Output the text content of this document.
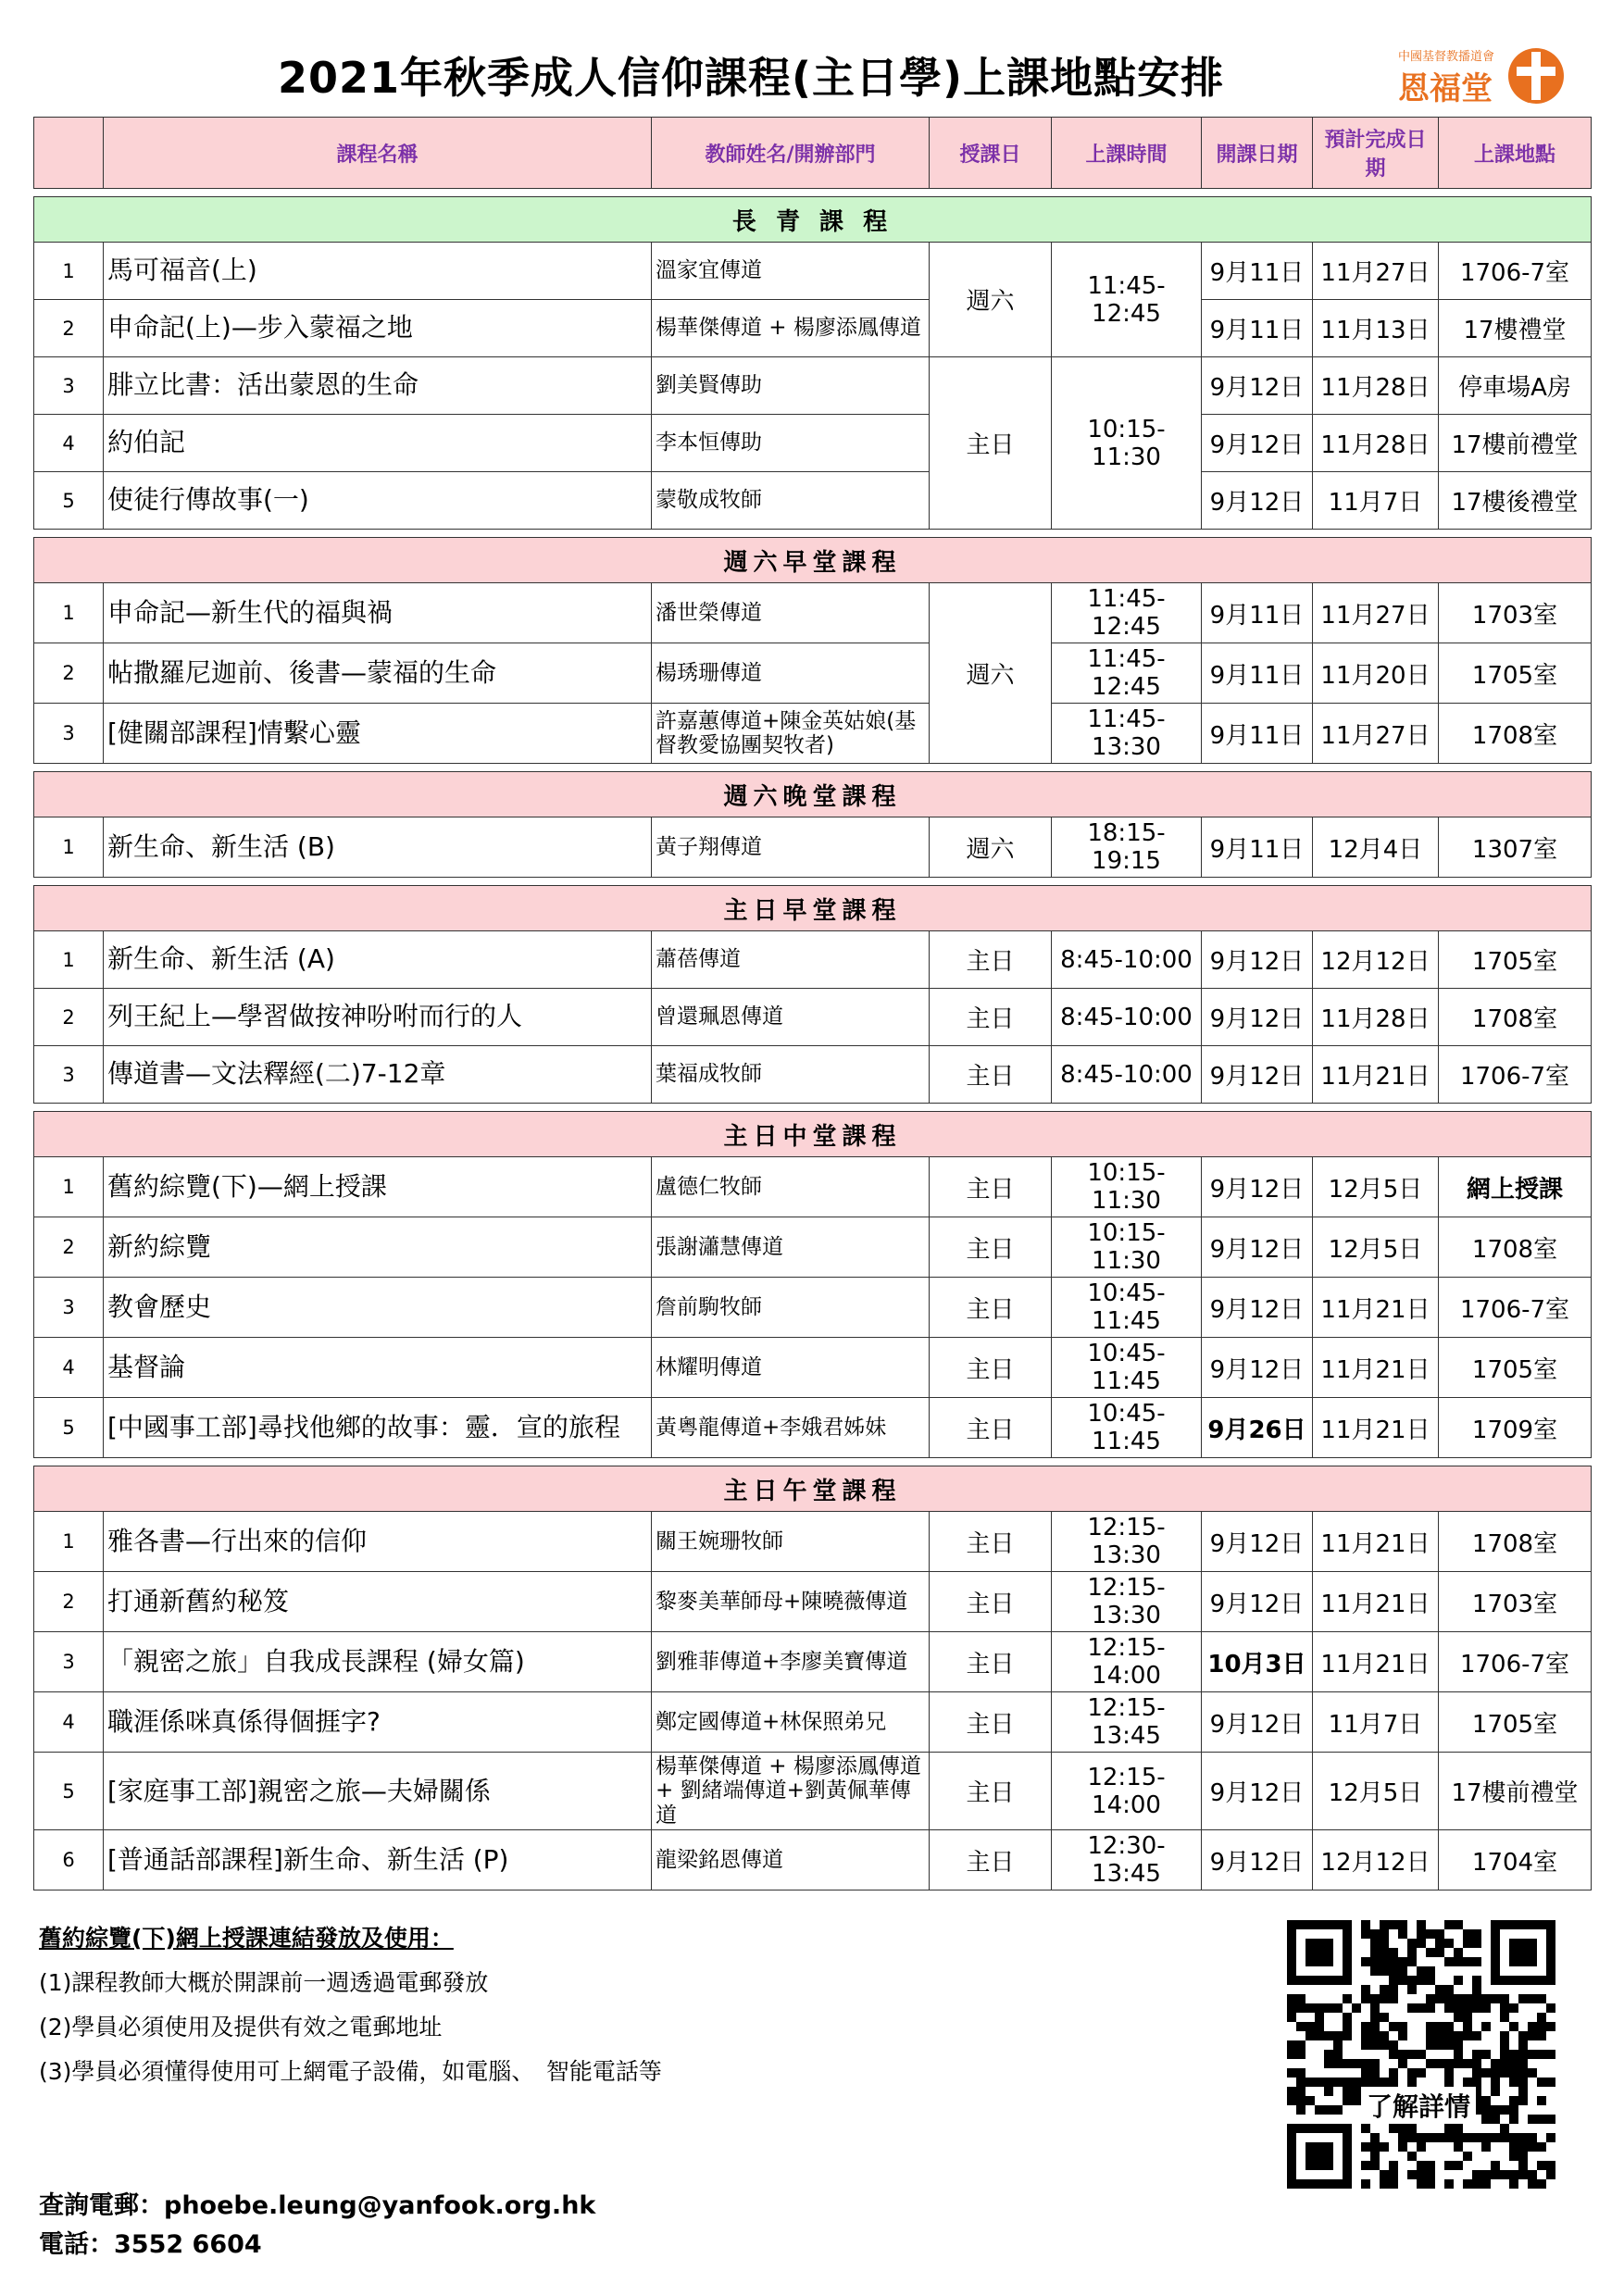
2021年秋季成人信仰課程(主日學)上課地點安排	中國基督教播道會
恩福堂
	課程名稱	教師姓名/開辦部門	授課日	上課時間	開課日期	預計完成日期	上課地點

長 青 課 程							
1	馬可福音(上)	溫家宜傳道	週六	11:45-12:45	9月11日	11月27日	1706-7室
2	申命記(上)—步入蒙福之地	楊華傑傳道 + 楊廖添鳳傳道			9月11日	11月13日	17樓禮堂
3	腓立比書：活出蒙恩的生命	劉美賢傳助	主日	10:15-11:30	9月12日	11月28日	停車場A房
4	約伯記	李本恒傳助			9月12日	11月28日	17樓前禮堂
5	使徒行傳故事(一)	蒙敬成牧師			9月12日	11月7日	17樓後禮堂

週六早堂課程							
1	申命記—新生代的福與禍	潘世榮傳道	週六	11:45-12:45	9月11日	11月27日	1703室
2	帖撒羅尼迦前、後書—蒙福的生命	楊琇珊傳道		11:45-12:45	9月11日	11月20日	1705室
3	[健關部課程]情繫心靈	許嘉蕙傳道+陳金英姑娘(基督教愛協團契牧者)		11:45-13:30	9月11日	11月27日	1708室

週六晚堂課程							
1	新生命、新生活 (B)	黃子翔傳道	週六	18:15-19:15	9月11日	12月4日	1307室

主日早堂課程							
1	新生命、新生活 (A)	蕭蓓傳道	主日	8:45-10:00	9月12日	12月12日	1705室
2	列王紀上—學習做按神吩咐而行的人	曾還珮恩傳道	主日	8:45-10:00	9月12日	11月28日	1708室
3	傳道書—文法釋經(二)7-12章	葉福成牧師	主日	8:45-10:00	9月12日	11月21日	1706-7室

主日中堂課程							
1	舊約綜覽(下)—網上授課	盧德仁牧師	主日	10:15-11:30	9月12日	12月5日	網上授課
2	新約綜覽	張謝瀟慧傳道	主日	10:15-11:30	9月12日	12月5日	1708室
3	教會歷史	詹前駒牧師	主日	10:45-11:45	9月12日	11月21日	1706-7室
4	基督論	林耀明傳道	主日	10:45-11:45	9月12日	11月21日	1705室
5	[中國事工部]尋找他鄉的故事：靈．宣的旅程	黃粵龍傳道+李娥君姊妹	主日	10:45-11:45	9月26日	11月21日	1709室

主日午堂課程							
1	雅各書—行出來的信仰	關王婉珊牧師	主日	12:15-13:30	9月12日	11月21日	1708室
2	打通新舊約秘笈	黎麥美華師母+陳曉薇傳道	主日	12:15-13:30	9月12日	11月21日	1703室
3	「親密之旅」自我成長課程 (婦女篇)	劉雅菲傳道+李廖美寶傳道	主日	12:15-14:00	10月3日	11月21日	1706-7室
4	職涯係咪真係得個捱字?	鄭定國傳道+林保照弟兄	主日	12:15-13:45	9月12日	11月7日	1705室
5	[家庭事工部]親密之旅—夫婦關係	楊華傑傳道 + 楊廖添鳳傳道+ 劉緒端傳道+劉黃佩華傳道	主日	12:15-14:00	9月12日	12月5日	17樓前禮堂
6	[普通話部課程]新生命、新生活 (P)	龍梁銘恩傳道	主日	12:30-13:45	9月12日	12月12日	1704室
舊約綜覽(下)網上授課連結發放及使用：
(1)課程教師大概於開課前一週透過電郵發放
(2)學員必須使用及提供有效之電郵地址
(3)學員必須懂得使用可上網電子設備，如電腦、　智能電話等
查詢電郵：phoebe.leung@yanfook.org.hk
電話：3552 6604
了解詳情
